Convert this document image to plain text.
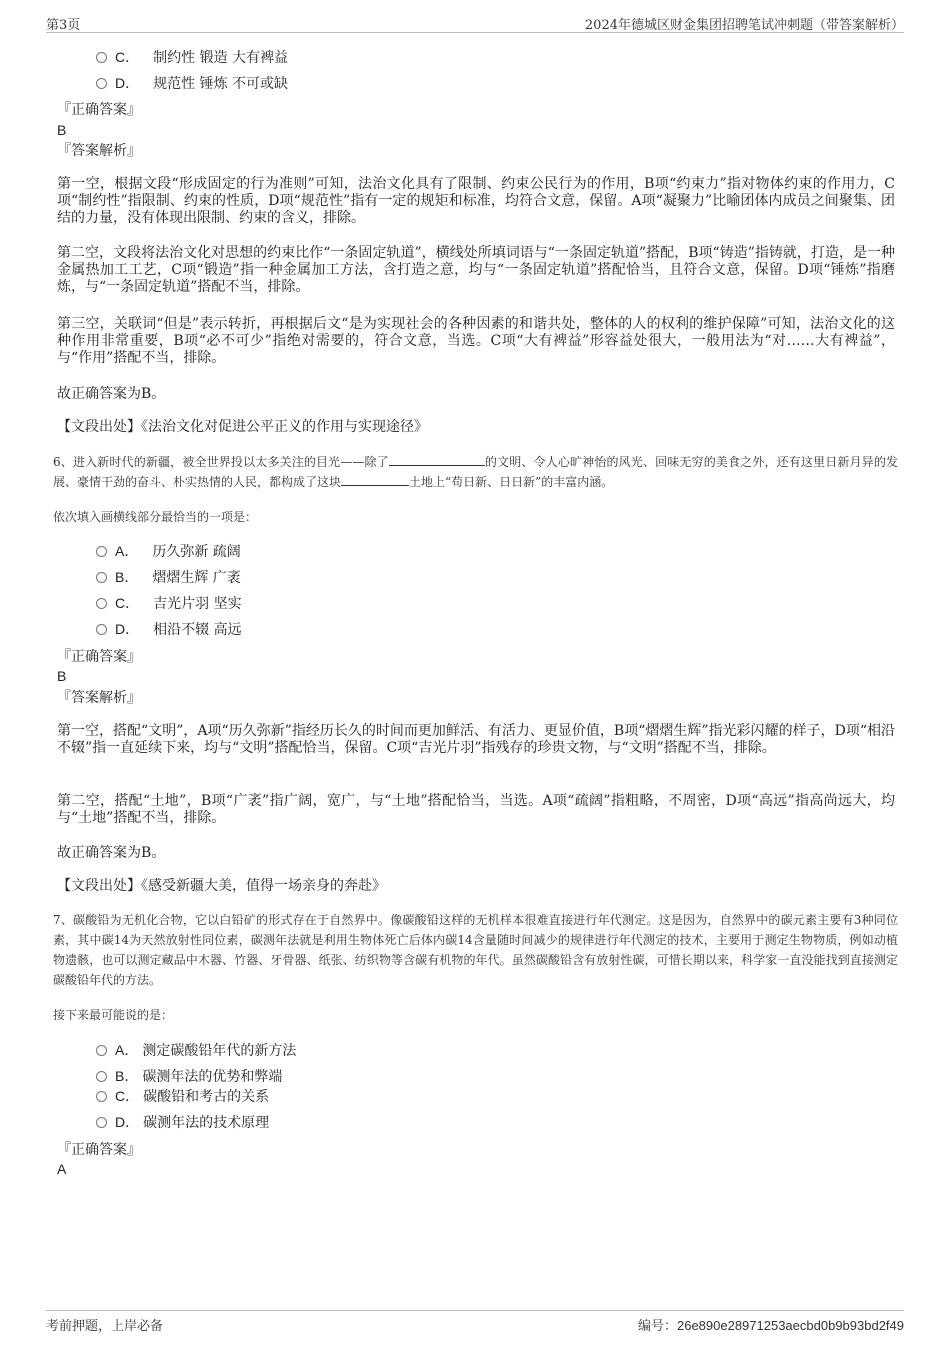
第3页	2024年德城区财金集团招聘笔试冲刺题（带答案解析）
C． 制约性 锻造 大有裨益
D． 规范性 锤炼 不可或缺
『正确答案』
B
『答案解析』
第一空，根据文段“形成固定的行为准则”可知，法治文化具有了限制、约束公民行为的作用，B项“约束力”指对物体约束的作用力，C项“制约性”指限制、约束的性质，D项“规范性”指有一定的规矩和标准，均符合文意，保留。A项“凝聚力”比喻团体内成员之间聚集、团结的力量，没有体现出限制、约束的含义，排除。
第二空，文段将法治文化对思想的约束比作“一条固定轨道”，横线处所填词语与“一条固定轨道”搭配，B项“铸造”指铸就，打造，是一种金属热加工工艺，C项“锻造”指一种金属加工方法，含打造之意，均与“一条固定轨道”搭配恰当，且符合文意，保留。D项“锤炼”指磨炼，与“一条固定轨道”搭配不当，排除。
第三空，关联词“但是”表示转折，再根据后文“是为实现社会的各种因素的和谐共处，整体的人的权利的维护保障”可知，法治文化的这种作用非常重要，B项“必不可少”指绝对需要的，符合文意，当选。C项“大有裨益”形容益处很大，一般用法为“对……大有裨益”，与“作用”搭配不当，排除。
故正确答案为B。
【文段出处】《法治文化对促进公平正义的作用与实现途径》
6、进入新时代的新疆，被全世界投以太多关注的目光——除了	的文明、令人心旷神怡的风光、回味无穷的美食之外，还有这里日新月异的发展、豪情干劲的奋斗、朴实热情的人民，都构成了这块	土地上“苟日新、日日新”的丰富内涵。
依次填入画横线部分最恰当的一项是：
A． 历久弥新 疏阔
B． 熠熠生辉 广袤
C． 吉光片羽 坚实
D． 相沿不辍 高远
『正确答案』
B
『答案解析』
第一空，搭配“文明”，A项“历久弥新”指经历长久的时间而更加鲜活、有活力、更显价值，B项“熠熠生辉”指光彩闪耀的样子，D项“相沿不辍”指一直延续下来，均与“文明”搭配恰当，保留。C项“吉光片羽”指残存的珍贵文物，与“文明”搭配不当，排除。
第二空，搭配“土地”，B项“广袤”指广阔，宽广，与“土地”搭配恰当，当选。A项“疏阔”指粗略，不周密，D项“高远”指高尚远大，均与“土地”搭配不当，排除。
故正确答案为B。
【文段出处】《感受新疆大美，值得一场亲身的奔赴》
7、碳酸铅为无机化合物，它以白铅矿的形式存在于自然界中。像碳酸铅这样的无机样本很难直接进行年代测定。这是因为，自然界中的碳元素主要有3种同位素，其中碳14为天然放射性同位素，碳测年法就是利用生物体死亡后体内碳14含量随时间减少的规律进行年代测定的技术，主要用于测定生物物质，例如动植物遗骸，也可以测定藏品中木器、竹器、牙骨器、纸张、纺织物等含碳有机物的年代。虽然碳酸铅含有放射性碳，可惜长期以来，科学家一直没能找到直接测定碳酸铅年代的方法。
接下来最可能说的是：
A． 测定碳酸铅年代的新方法
B． 碳测年法的优势和弊端
C． 碳酸铅和考古的关系
D． 碳测年法的技术原理
『正确答案』
A
考前押题，上岸必备	编号：26e890e28971253aecbd0b9b93bd2f49
